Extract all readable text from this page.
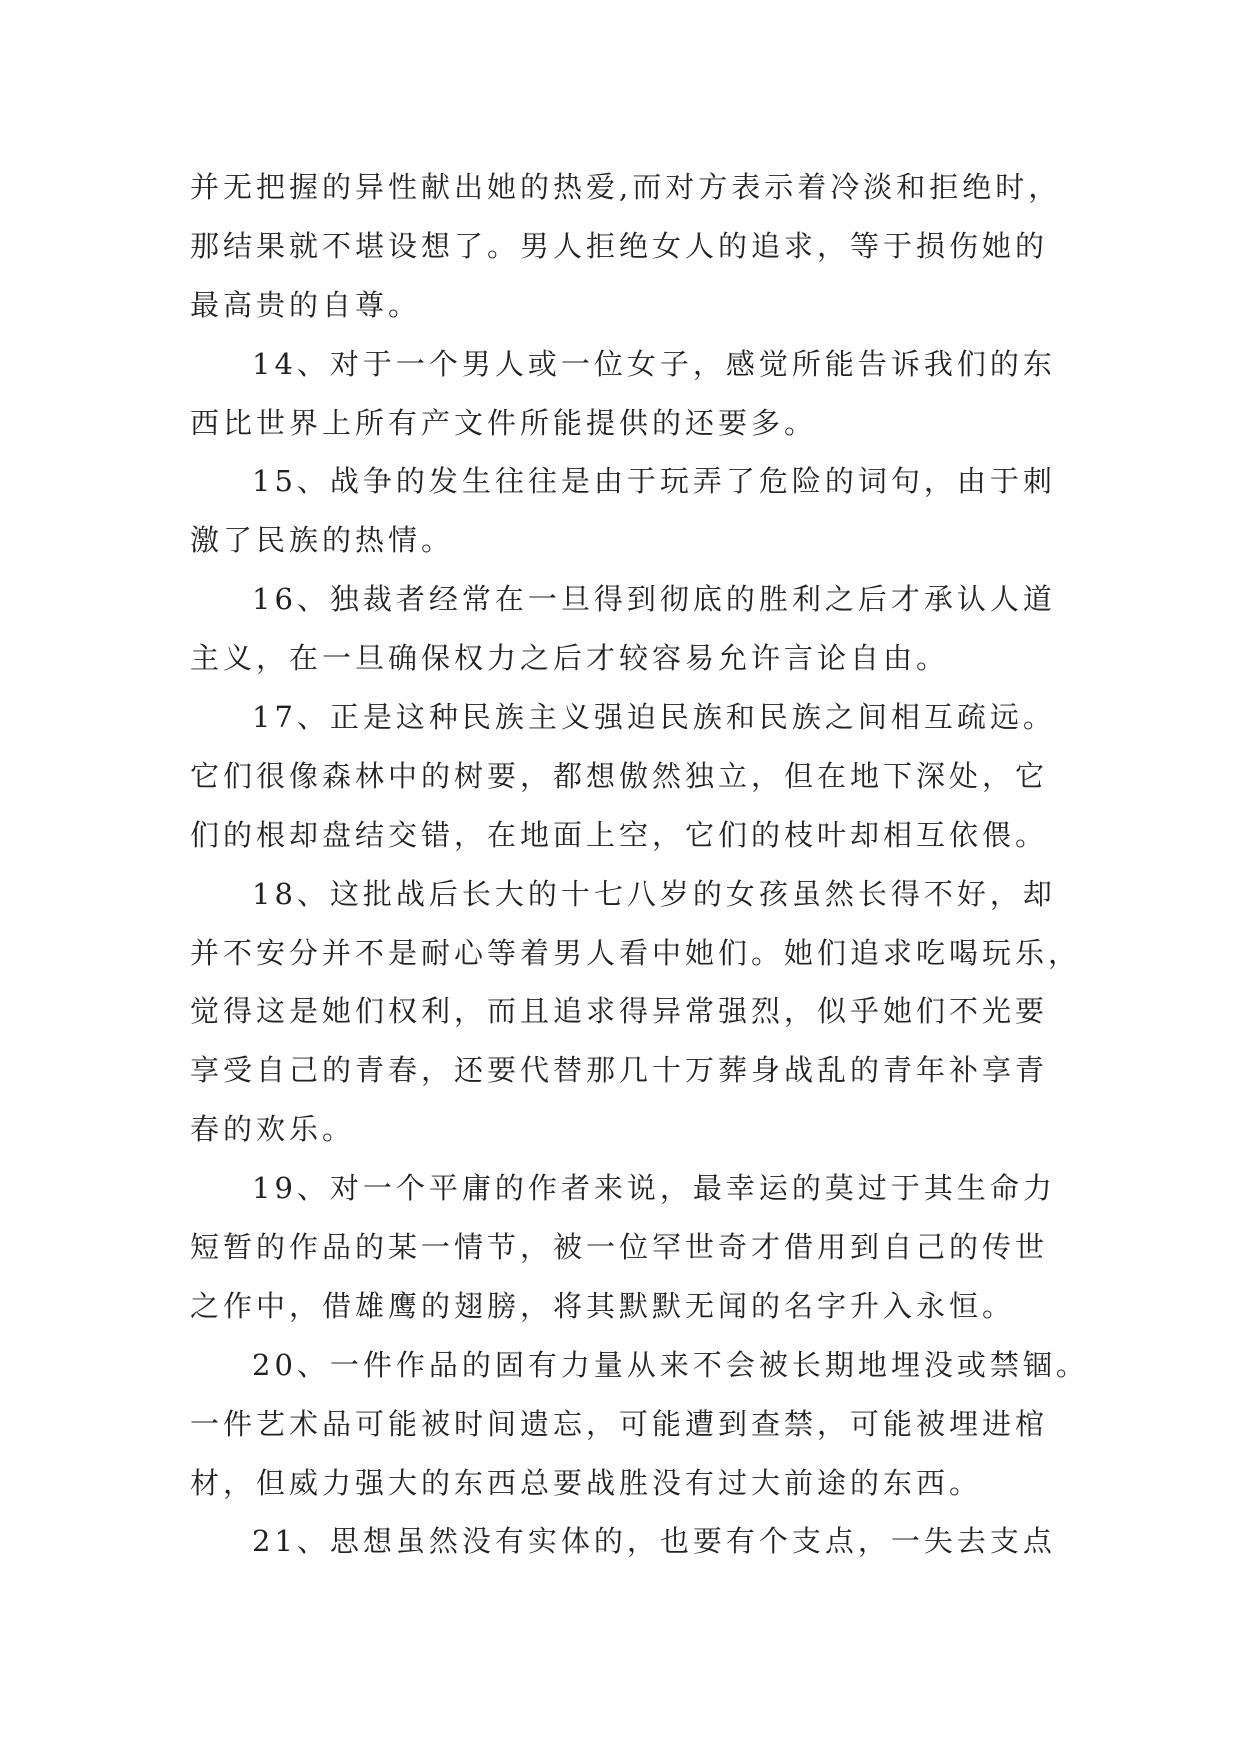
并无把握的异性献出她的热爱,而对方表示着冷淡和拒绝时，
那结果就不堪设想了。男人拒绝女人的追求，等于损伤她的
最高贵的自尊。
14、对于一个男人或一位女子，感觉所能告诉我们的东
西比世界上所有产文件所能提供的还要多。
15、战争的发生往往是由于玩弄了危险的词句，由于刺
激了民族的热情。
16、独裁者经常在一旦得到彻底的胜利之后才承认人道
主义，在一旦确保权力之后才较容易允许言论自由。
17、正是这种民族主义强迫民族和民族之间相互疏远。
它们很像森林中的树要，都想傲然独立，但在地下深处，它
们的根却盘结交错，在地面上空，它们的枝叶却相互依偎。
18、这批战后长大的十七八岁的女孩虽然长得不好，却
并不安分并不是耐心等着男人看中她们。她们追求吃喝玩乐，
觉得这是她们权利，而且追求得异常强烈，似乎她们不光要
享受自己的青春，还要代替那几十万葬身战乱的青年补享青
春的欢乐。
19、对一个平庸的作者来说，最幸运的莫过于其生命力
短暂的作品的某一情节，被一位罕世奇才借用到自己的传世
之作中，借雄鹰的翅膀，将其默默无闻的名字升入永恒。
20、一件作品的固有力量从来不会被长期地埋没或禁锢。
一件艺术品可能被时间遗忘，可能遭到查禁，可能被埋进棺
材，但威力强大的东西总要战胜没有过大前途的东西。
21、思想虽然没有实体的，也要有个支点，一失去支点
